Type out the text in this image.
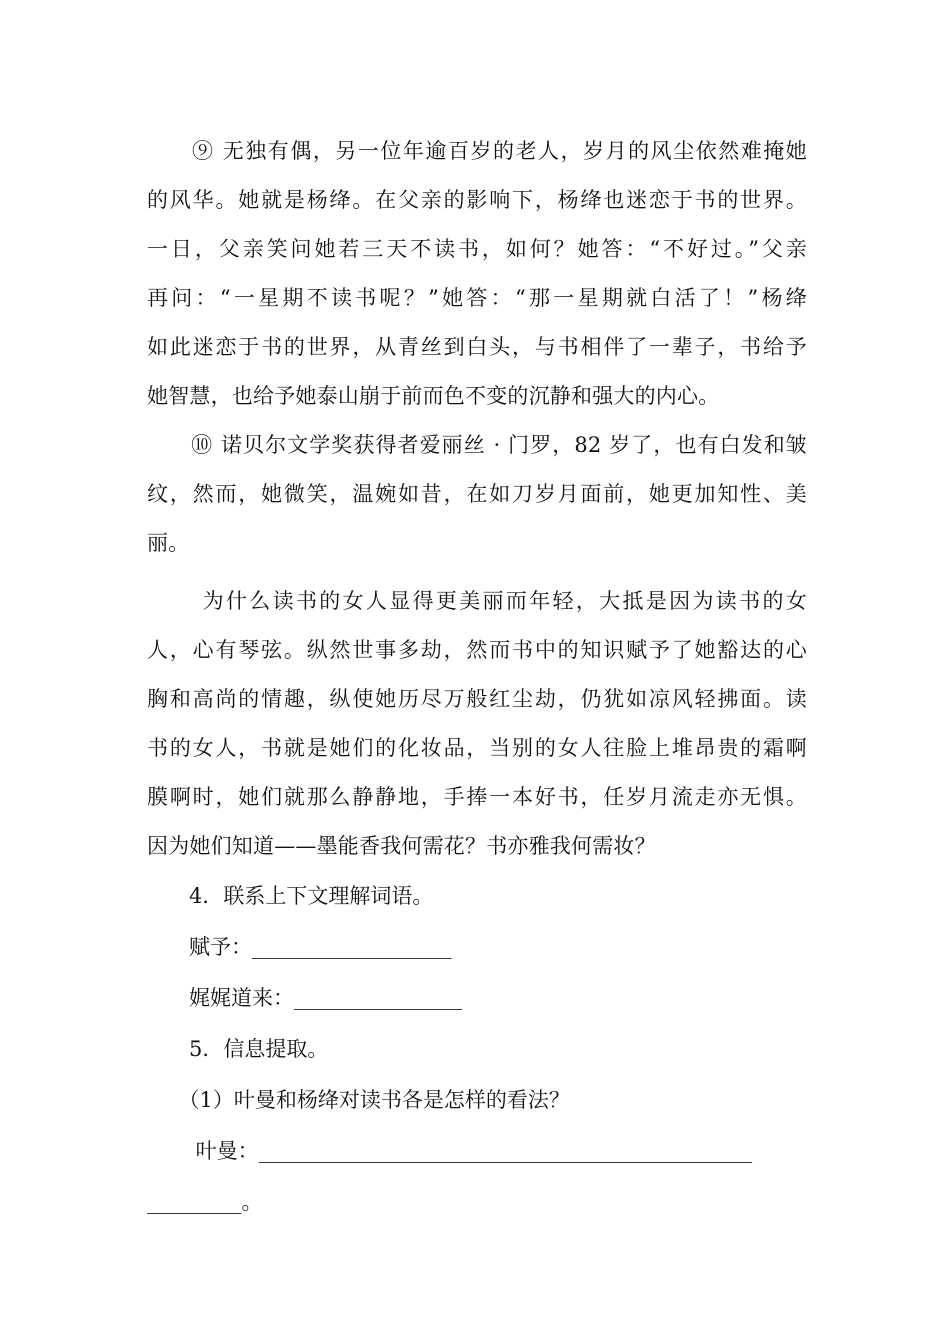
　　⑨ 无独有偶，另一位年逾百岁的老人，岁月的风尘依然难掩她
的风华。她就是杨绛。在父亲的影响下，杨绛也迷恋于书的世界。
一日，父亲笑问她若三天不读书，如何？她答：“不好过。”父亲
再问：“一星期不读书呢？”她答：“那一星期就白活了！”杨绛
如此迷恋于书的世界，从青丝到白头，与书相伴了一辈子，书给予
她智慧，也给予她泰山崩于前而色不变的沉静和强大的内心。
　　⑩ 诺贝尔文学奖获得者爱丽丝 · 门罗，82 岁了，也有白发和皱
纹，然而，她微笑，温婉如昔，在如刀岁月面前，她更加知性、美
丽。
　　 为什么读书的女人显得更美丽而年轻，大抵是因为读书的女
人，心有琴弦。纵然世事多劫，然而书中的知识赋予了她豁达的心
胸和高尚的情趣，纵使她历尽万般红尘劫，仍犹如凉风轻拂面。读
书的女人，书就是她们的化妆品，当别的女人往脸上堆昂贵的霜啊
膜啊时，她们就那么静静地，手捧一本好书，任岁月流走亦无惧。
因为她们知道——墨能香我何需花？书亦雅我何需妆？
　　4．联系上下文理解词语。
　　赋予：___________________
　　娓娓道来：________________
　　5．信息提取。
　　（1）叶曼和杨绛对读书各是怎样的看法？
　　 叶曼：_______________________________________________
_________。
